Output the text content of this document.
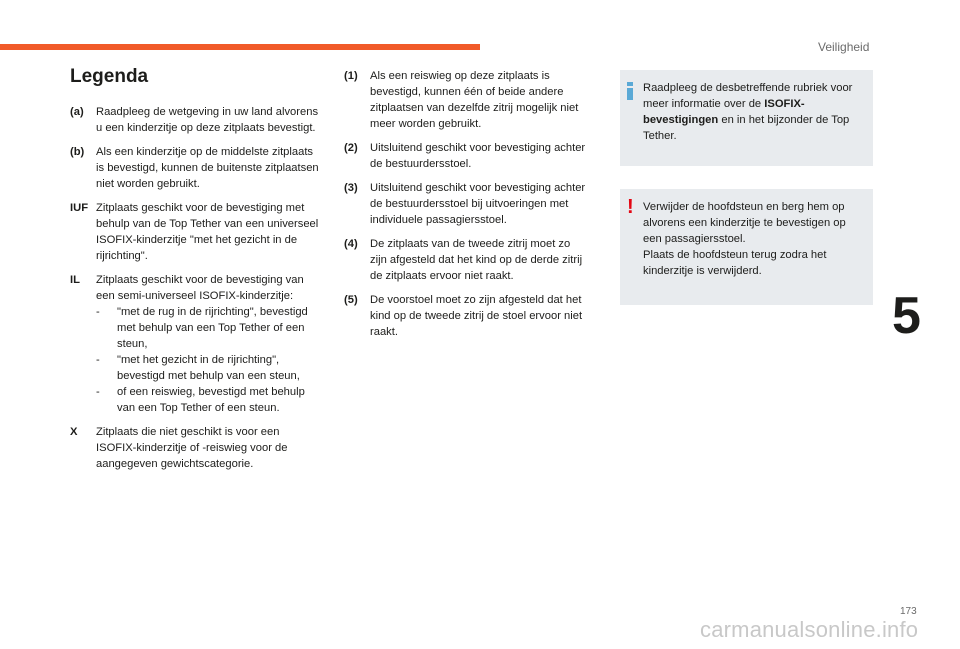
Veiligheid
Legenda
(a)	Raadpleeg de wetgeving in uw land alvorens u een kinderzitje op deze zitplaats bevestigt.
(b)	Als een kinderzitje op de middelste zitplaats is bevestigd, kunnen de buitenste zitplaatsen niet worden gebruikt.
IUF Zitplaats geschikt voor de bevestiging met behulp van de Top Tether van een universeel ISOFIX-kinderzitje "met het gezicht in de rijrichting".
IL	Zitplaats geschikt voor de bevestiging van een semi-universeel ISOFIX-kinderzitje:
-	"met de rug in de rijrichting", bevestigd met behulp van een Top Tether of een steun,
-	"met het gezicht in de rijrichting", bevestigd met behulp van een steun,
-	of een reiswieg, bevestigd met behulp van een Top Tether of een steun.
X	Zitplaats die niet geschikt is voor een ISOFIX-kinderzitje of -reiswieg voor de aangegeven gewichtscategorie.
(1)	Als een reiswieg op deze zitplaats is bevestigd, kunnen één of beide andere zitplaatsen van dezelfde zitrij mogelijk niet meer worden gebruikt.
(2)	Uitsluitend geschikt voor bevestiging achter de bestuurdersstoel.
(3)	Uitsluitend geschikt voor bevestiging achter de bestuurdersstoel bij uitvoeringen met individuele passagiersstoel.
(4)	De zitplaats van de tweede zitrij moet zo zijn afgesteld dat het kind op de derde zitrij de zitplaats ervoor niet raakt.
(5)	De voorstoel moet zo zijn afgesteld dat het kind op de tweede zitrij de stoel ervoor niet raakt.
Raadpleeg de desbetreffende rubriek voor meer informatie over de ISOFIX-bevestigingen en in het bijzonder de Top Tether.
! Verwijder de hoofdsteun en berg hem op alvorens een kinderzitje te bevestigen op een passagiersstoel.
Plaats de hoofdsteun terug zodra het kinderzitje is verwijderd.
5
173
carmanualsonline.info
